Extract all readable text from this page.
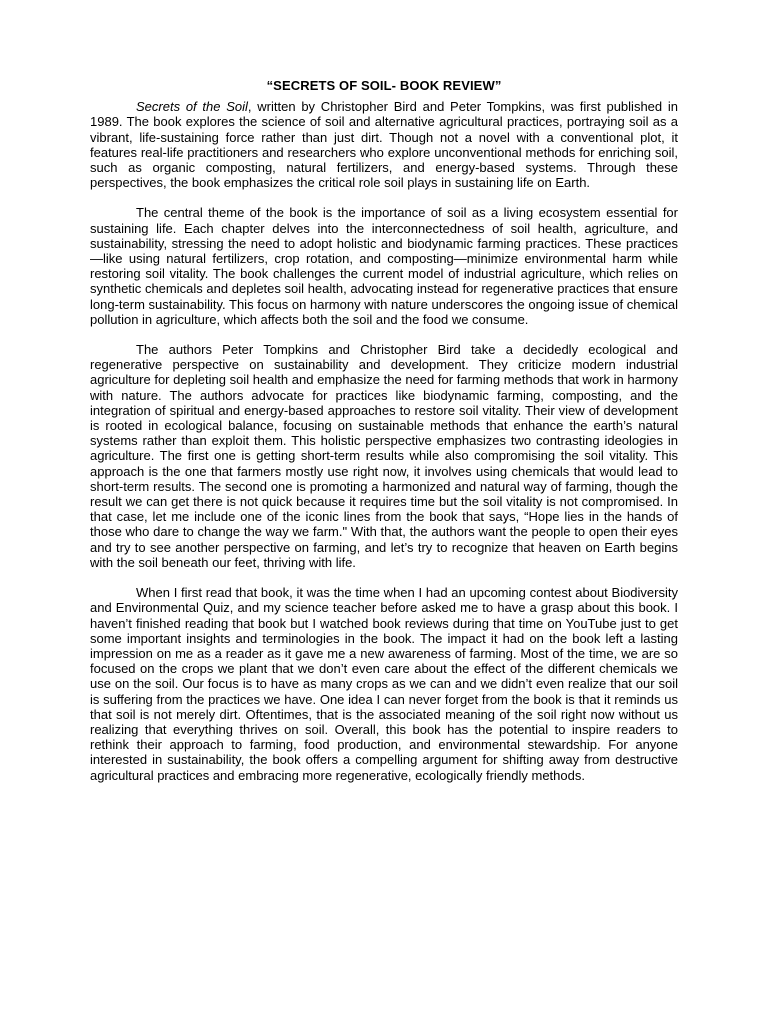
“SECRETS OF SOIL- BOOK REVIEW”

Secrets of the Soil, written by Christopher Bird and Peter Tompkins, was first published in 1989. The book explores the science of soil and alternative agricultural practices, portraying soil as a vibrant, life-sustaining force rather than just dirt. Though not a novel with a conventional plot, it features real-life practitioners and researchers who explore unconventional methods for enriching soil, such as organic composting, natural fertilizers, and energy-based systems. Through these perspectives, the book emphasizes the critical role soil plays in sustaining life on Earth.

The central theme of the book is the importance of soil as a living ecosystem essential for sustaining life. Each chapter delves into the interconnectedness of soil health, agriculture, and sustainability, stressing the need to adopt holistic and biodynamic farming practices. These practices—like using natural fertilizers, crop rotation, and composting—minimize environmental harm while restoring soil vitality. The book challenges the current model of industrial agriculture, which relies on synthetic chemicals and depletes soil health, advocating instead for regenerative practices that ensure long-term sustainability. This focus on harmony with nature underscores the ongoing issue of chemical pollution in agriculture, which affects both the soil and the food we consume.

The authors Peter Tompkins and Christopher Bird take a decidedly ecological and regenerative perspective on sustainability and development. They criticize modern industrial agriculture for depleting soil health and emphasize the need for farming methods that work in harmony with nature. The authors advocate for practices like biodynamic farming, composting, and the integration of spiritual and energy-based approaches to restore soil vitality. Their view of development is rooted in ecological balance, focusing on sustainable methods that enhance the earth’s natural systems rather than exploit them. This holistic perspective emphasizes two contrasting ideologies in agriculture. The first one is getting short-term results while also compromising the soil vitality. This approach is the one that farmers mostly use right now, it involves using chemicals that would lead to short-term results. The second one is promoting a harmonized and natural way of farming, though the result we can get there is not quick because it requires time but the soil vitality is not compromised. In that case, let me include one of the iconic lines from the book that says, “Hope lies in the hands of those who dare to change the way we farm." With that, the authors want the people to open their eyes and try to see another perspective on farming, and let’s try to recognize that heaven on Earth begins with the soil beneath our feet, thriving with life.

When I first read that book, it was the time when I had an upcoming contest about Biodiversity and Environmental Quiz, and my science teacher before asked me to have a grasp about this book. I haven’t finished reading that book but I watched book reviews during that time on YouTube just to get some important insights and terminologies in the book. The impact it had on the book left a lasting impression on me as a reader as it gave me a new awareness of farming. Most of the time, we are so focused on the crops we plant that we don’t even care about the effect of the different chemicals we use on the soil. Our focus is to have as many crops as we can and we didn’t even realize that our soil is suffering from the practices we have. One idea I can never forget from the book is that it reminds us that soil is not merely dirt. Oftentimes, that is the associated meaning of the soil right now without us realizing that everything thrives on soil. Overall, this book has the potential to inspire readers to rethink their approach to farming, food production, and environmental stewardship. For anyone interested in sustainability, the book offers a compelling argument for shifting away from destructive agricultural practices and embracing more regenerative, ecologically friendly methods.
